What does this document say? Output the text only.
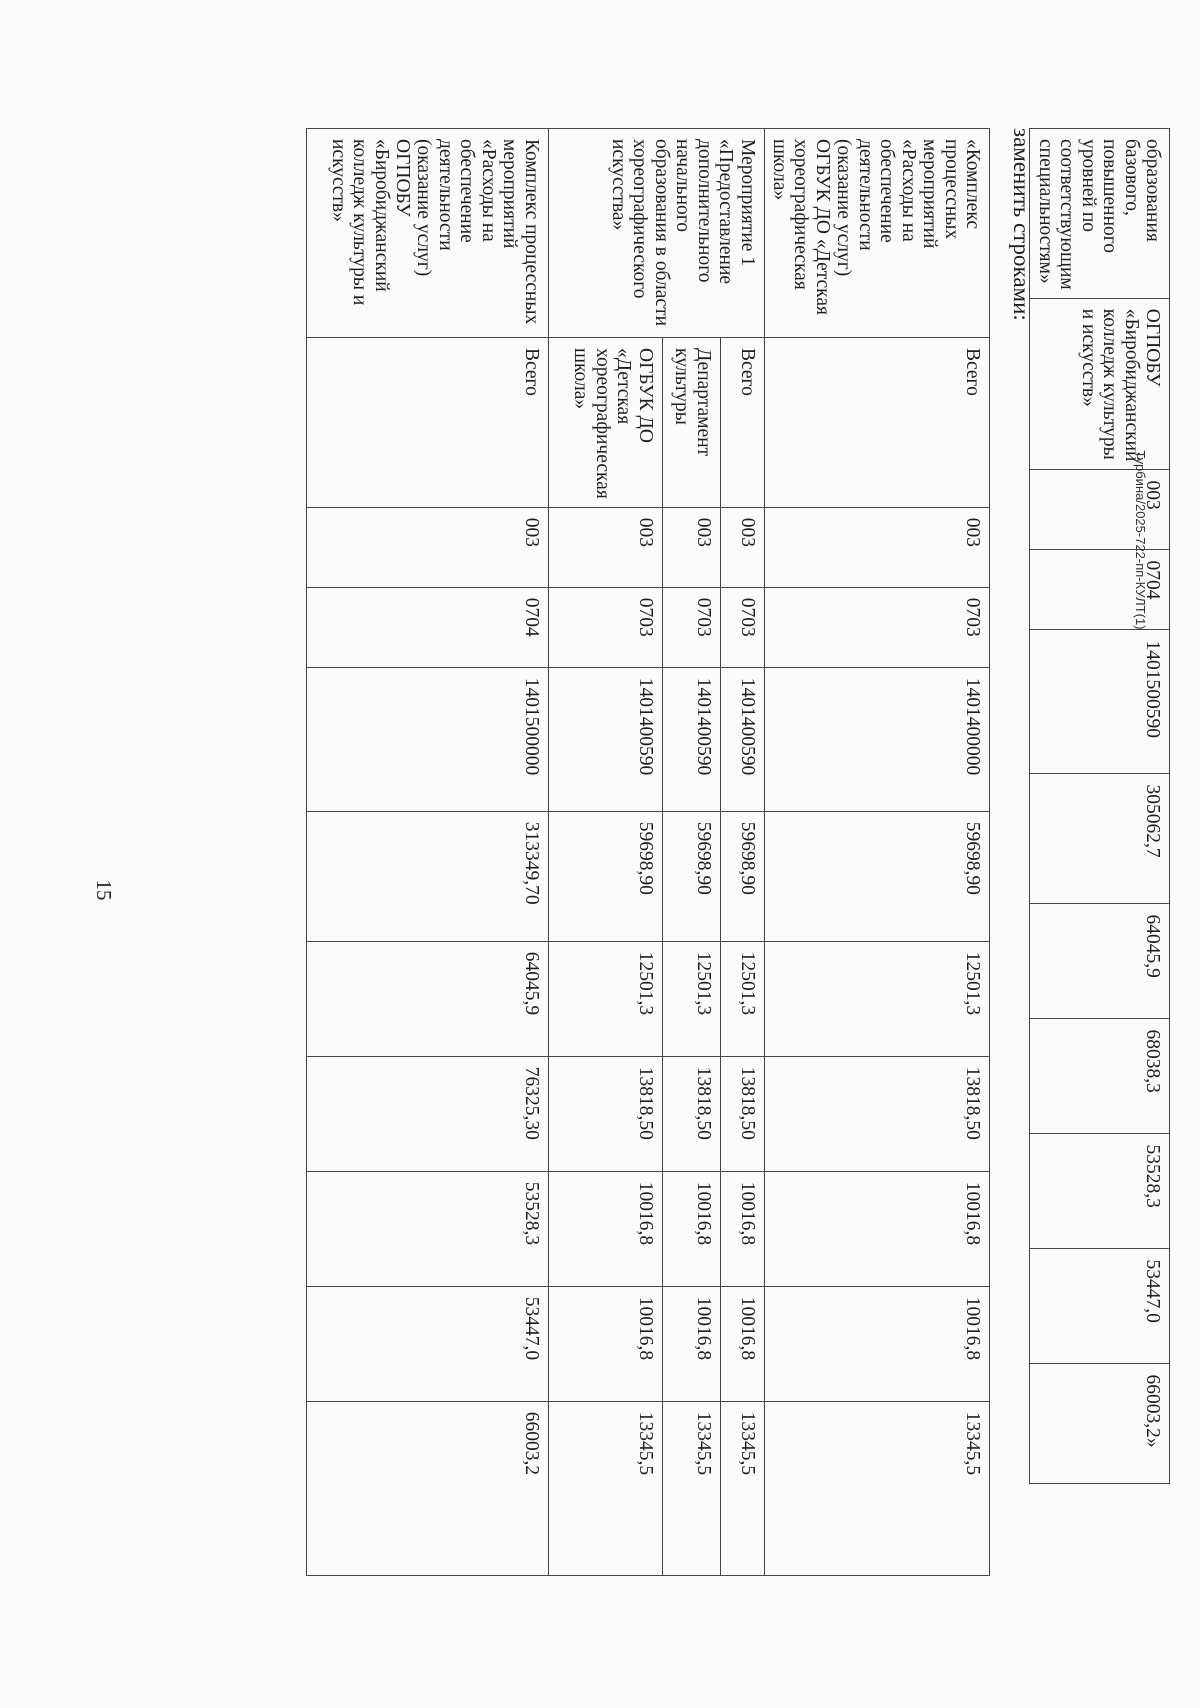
15
образования базового, повышенного уровней по соответствующим специальностям»	ОГПОБУ «Биробиджанский колледж культуры и искусств»	003	0704	1401500590	305062,7	64045,9	68038,3	53528,3	53447,0	66003,2»
заменить строками:
«Комплекс процессных мероприятий «Расходы на обеспечение деятельности (оказание услуг) ОГБУК ДО «Детская хореографическая школа»	Всего	003	0703	1401400000	59698,90	12501,3	13818,50	10016,8	10016,8	13345,5
Мероприятие 1 «Предоставление дополнительного начального образования в области хореографического искусства»	Всего	003	0703	1401400590	59698,90	12501,3	13818,50	10016,8	10016,8	13345,5
	Департамент культуры	003	0703	1401400590	59698,90	12501,3	13818,50	10016,8	10016,8	13345,5
	ОГБУК ДО «Детская хореографическая школа»	003	0703	1401400590	59698,90	12501,3	13818,50	10016,8	10016,8	13345,5
Комплекс процессных мероприятий «Расходы на обеспечение деятельности (оказание услуг) ОГПОБУ «Биробиджанский колледж культуры и искусств»	Всего	003	0704	1401500000	313349,70	64045,9	76325,30	53528,3	53447,0	66003,2
Турбина/2025-722-пп-КУЛТ(1)
